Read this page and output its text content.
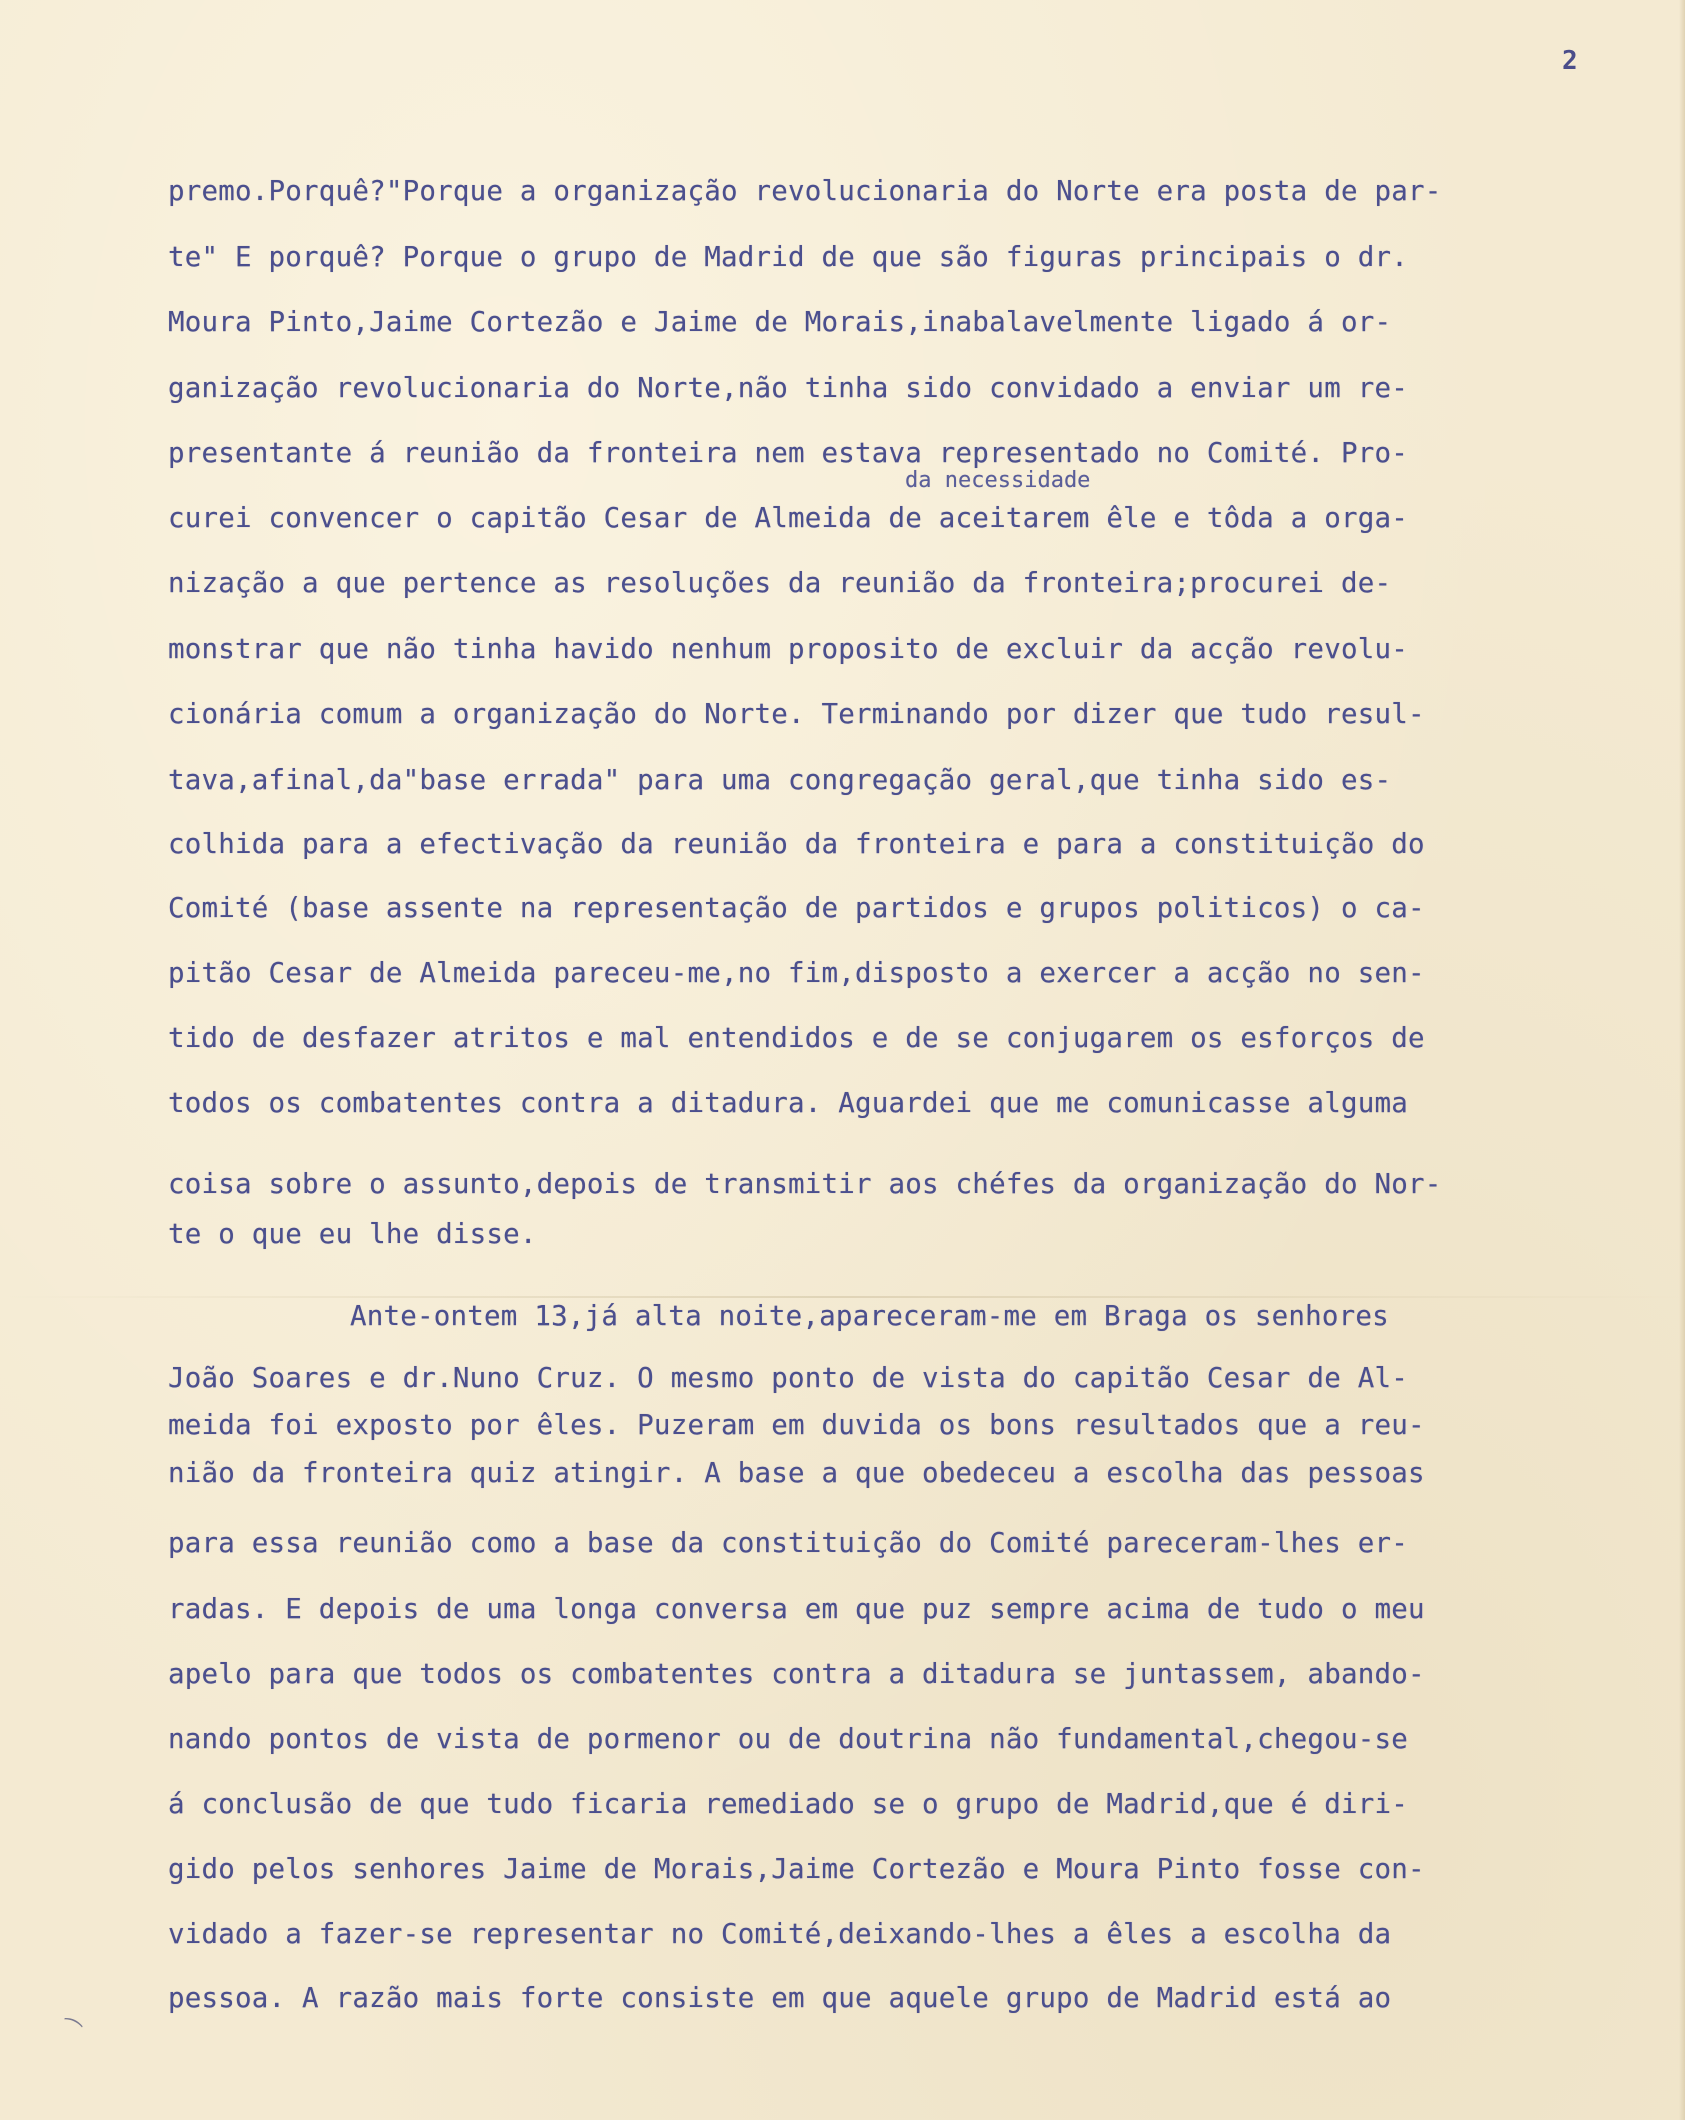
2
da necessidade
premo.Porquê?"Porque a organização revolucionaria do Norte era posta de par-
te" E porquê? Porque o grupo de Madrid de que são figuras principais o dr.
Moura Pinto,Jaime Cortezão e Jaime de Morais,inabalavelmente ligado á or-
ganização revolucionaria do Norte,não tinha sido convidado a enviar um re-
presentante á reunião da fronteira nem estava representado no Comité. Pro-
curei convencer o capitão Cesar de Almeida de aceitarem êle e tôda a orga-
nização a que pertence as resoluções da reunião da fronteira;procurei de-
monstrar que não tinha havido nenhum proposito de excluir da acção revolu-
cionária comum a organização do Norte. Terminando por dizer que tudo resul-
tava,afinal,da"base errada" para uma congregação geral,que tinha sido es-
colhida para a efectivação da reunião da fronteira e para a constituição do
Comité (base assente na representação de partidos e grupos politicos) o ca-
pitão Cesar de Almeida pareceu-me,no fim,disposto a exercer a acção no sen-
tido de desfazer atritos e mal entendidos e de se conjugarem os esforços de
todos os combatentes contra a ditadura. Aguardei que me comunicasse alguma
coisa sobre o assunto,depois de transmitir aos chéfes da organização do Nor-
te o que eu lhe disse.
Ante-ontem 13,já alta noite,apareceram-me em Braga os senhores
João Soares e dr.Nuno Cruz. O mesmo ponto de vista do capitão Cesar de Al-
meida foi exposto por êles. Puzeram em duvida os bons resultados que a reu-
nião da fronteira quiz atingir. A base a que obedeceu a escolha das pessoas
para essa reunião como a base da constituição do Comité pareceram-lhes er-
radas. E depois de uma longa conversa em que puz sempre acima de tudo o meu
apelo para que todos os combatentes contra a ditadura se juntassem, abando-
nando pontos de vista de pormenor ou de doutrina não fundamental,chegou-se
á conclusão de que tudo ficaria remediado se o grupo de Madrid,que é diri-
gido pelos senhores Jaime de Morais,Jaime Cortezão e Moura Pinto fosse con-
vidado a fazer-se representar no Comité,deixando-lhes a êles a escolha da
pessoa. A razão mais forte consiste em que aquele grupo de Madrid está ao
⁀
